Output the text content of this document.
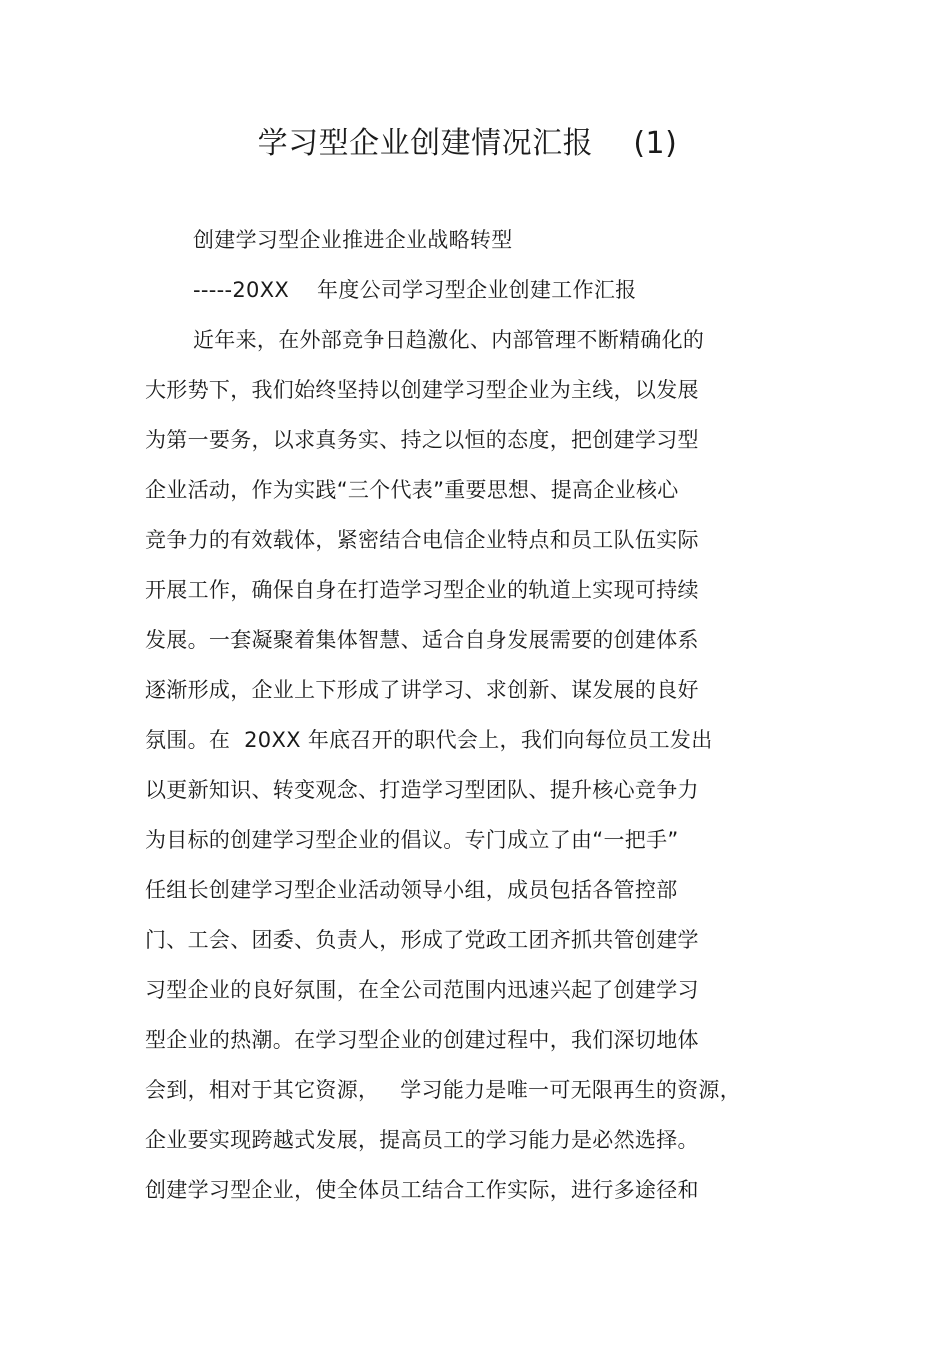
学习型企业创建情况汇报    (1)
创建学习型企业推进企业战略转型
-----20XX    年度公司学习型企业创建工作汇报
近年来，在外部竞争日趋激化、内部管理不断精确化的
大形势下，我们始终坚持以创建学习型企业为主线，以发展
为第一要务，以求真务实、持之以恒的态度，把创建学习型
企业活动，作为实践“三个代表”重要思想、提高企业核心
竞争力的有效载体，紧密结合电信企业特点和员工队伍实际
开展工作，确保自身在打造学习型企业的轨道上实现可持续
发展。一套凝聚着集体智慧、适合自身发展需要的创建体系
逐渐形成，企业上下形成了讲学习、求创新、谋发展的良好
氛围。在  20XX 年底召开的职代会上，我们向每位员工发出
以更新知识、转变观念、打造学习型团队、提升核心竞争力
为目标的创建学习型企业的倡议。专门成立了由“一把手”
任组长创建学习型企业活动领导小组，成员包括各管控部
门、工会、团委、负责人，形成了党政工团齐抓共管创建学
习型企业的良好氛围，在全公司范围内迅速兴起了创建学习
型企业的热潮。在学习型企业的创建过程中，我们深切地体
会到，相对于其它资源，   学习能力是唯一可无限再生的资源，
企业要实现跨越式发展，提高员工的学习能力是必然选择。
创建学习型企业，使全体员工结合工作实际，进行多途径和
